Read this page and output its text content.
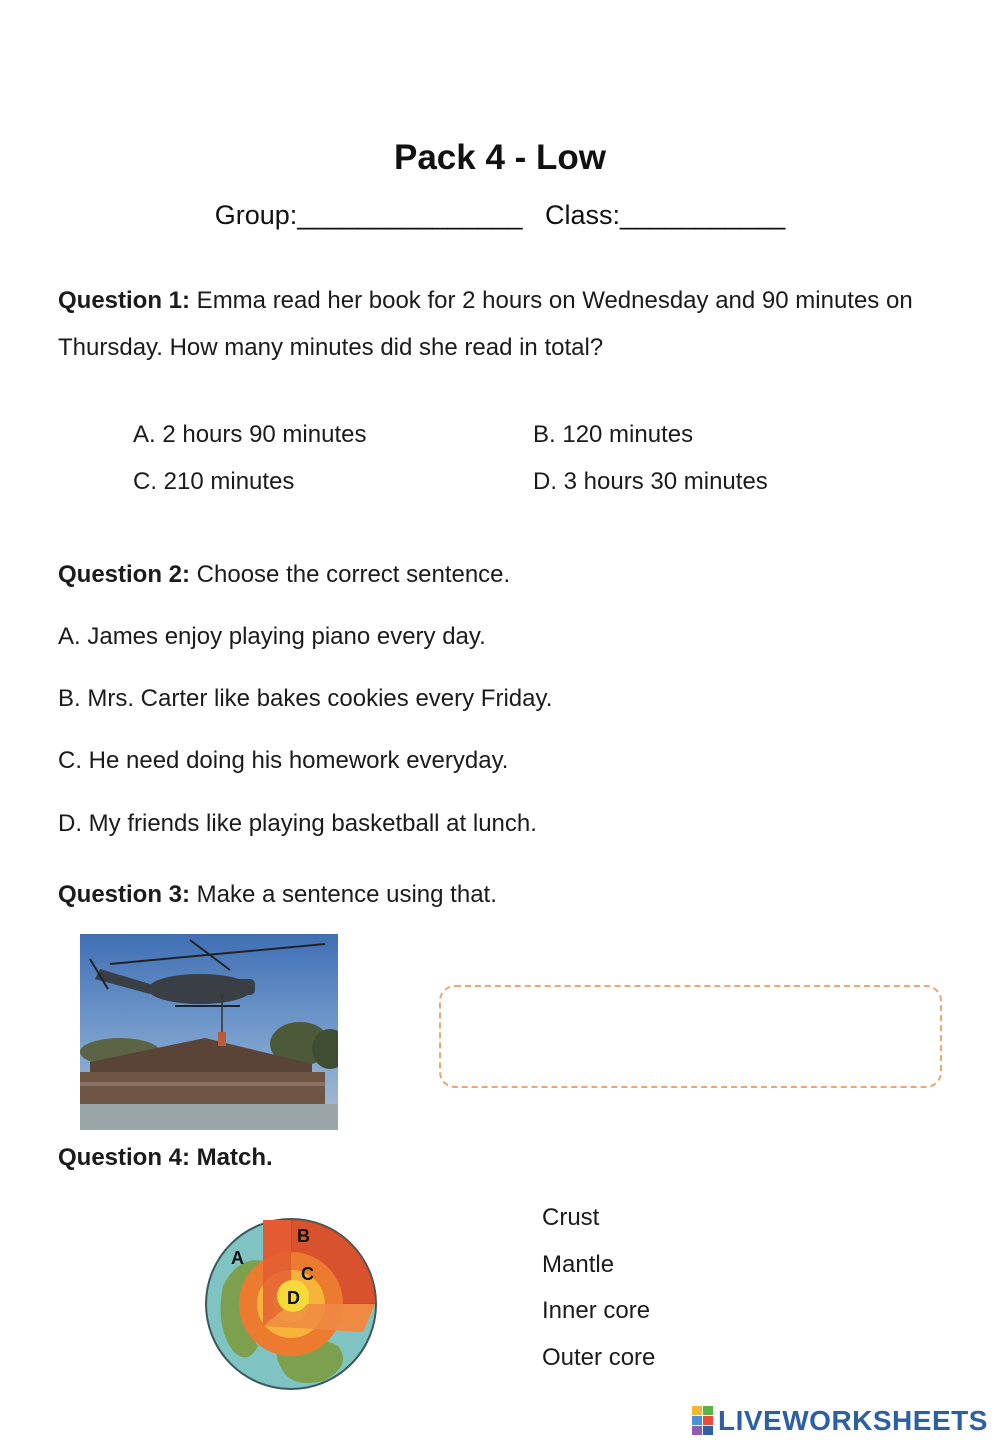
Pack 4 - Low
Group:_______________   Class:___________
Question 1: Emma read her book for 2 hours on Wednesday and 90 minutes on Thursday. How many minutes did she read in total?
A. 2 hours 90 minutes	B. 120 minutes
C. 210 minutes	D. 3 hours 30 minutes
Question 2: Choose the correct sentence.
A. James enjoy playing piano every day.
B. Mrs. Carter like bakes cookies every Friday.
C. He need doing his homework everyday.
D. My friends like playing basketball at lunch.
Question 3: Make a sentence using that.
Question 4: Match.
A
B
C
D
Crust
Mantle
Inner core
Outer core
LIVEWORKSHEETS
